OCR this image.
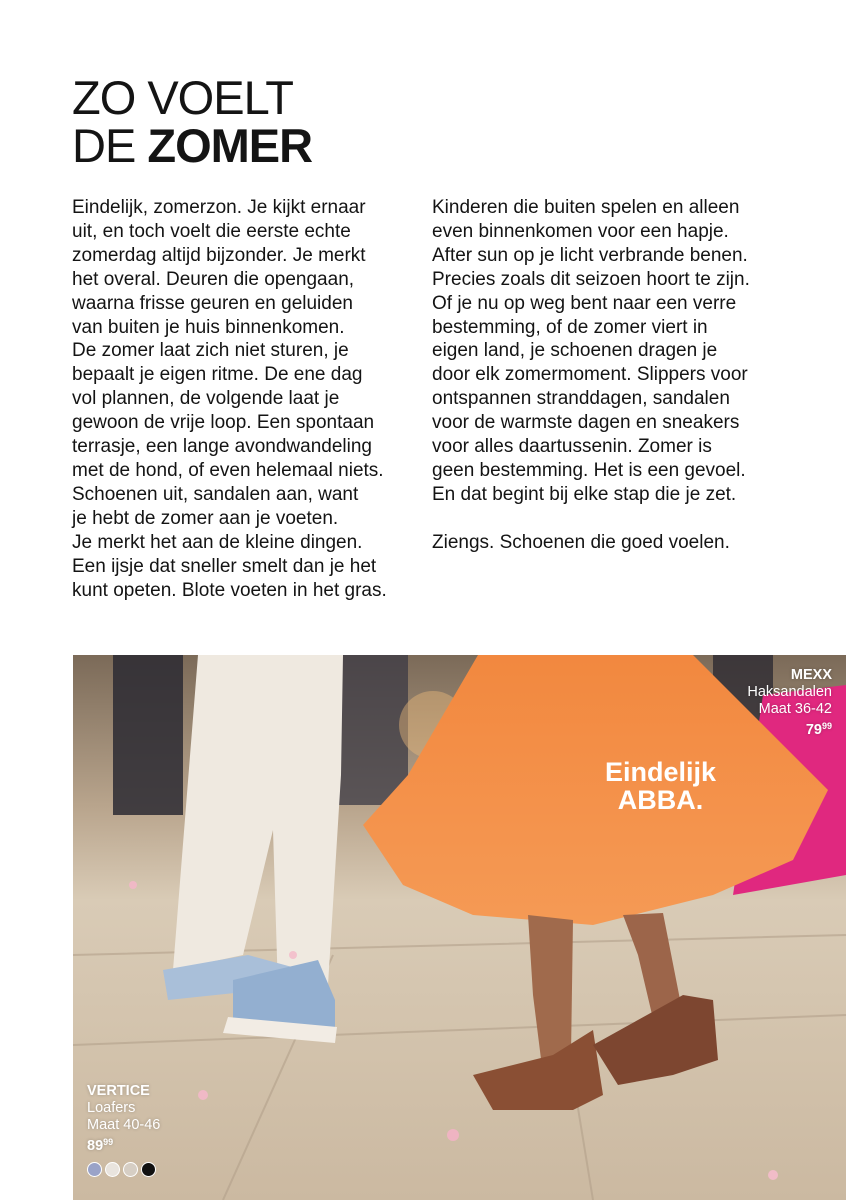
ZO VOELT
DE ZOMER

Eindelijk, zomerzon. Je kijkt ernaar
uit, en toch voelt die eerste echte
zomerdag altijd bijzonder. Je merkt
het overal. Deuren die opengaan,
waarna frisse geuren en geluiden
van buiten je huis binnenkomen.
De zomer laat zich niet sturen, je
bepaalt je eigen ritme. De ene dag
vol plannen, de volgende laat je
gewoon de vrije loop. Een spontaan
terrasje, een lange avondwandeling
met de hond, of even helemaal niets.
Schoenen uit, sandalen aan, want
je hebt de zomer aan je voeten.
Je merkt het aan de kleine dingen.
Een ijsje dat sneller smelt dan je het
kunt opeten. Blote voeten in het gras.

Kinderen die buiten spelen en alleen
even binnenkomen voor een hapje.
After sun op je licht verbrande benen.
Precies zoals dit seizoen hoort te zijn.
Of je nu op weg bent naar een verre
bestemming, of de zomer viert in
eigen land, je schoenen dragen je
door elk zomermoment. Slippers voor
ontspannen stranddagen, sandalen
voor de warmste dagen en sneakers
voor alles daartussenin. Zomer is
geen bestemming. Het is een gevoel.
En dat begint bij elke stap die je zet.

Ziengs. Schoenen die goed voelen.

Eindelijk
ABBA.
MEXX
Haksandalen
Maat 36-42
$79^{99}$
VERTICE
Loafers
Maat 40-46
$89^{99}$
